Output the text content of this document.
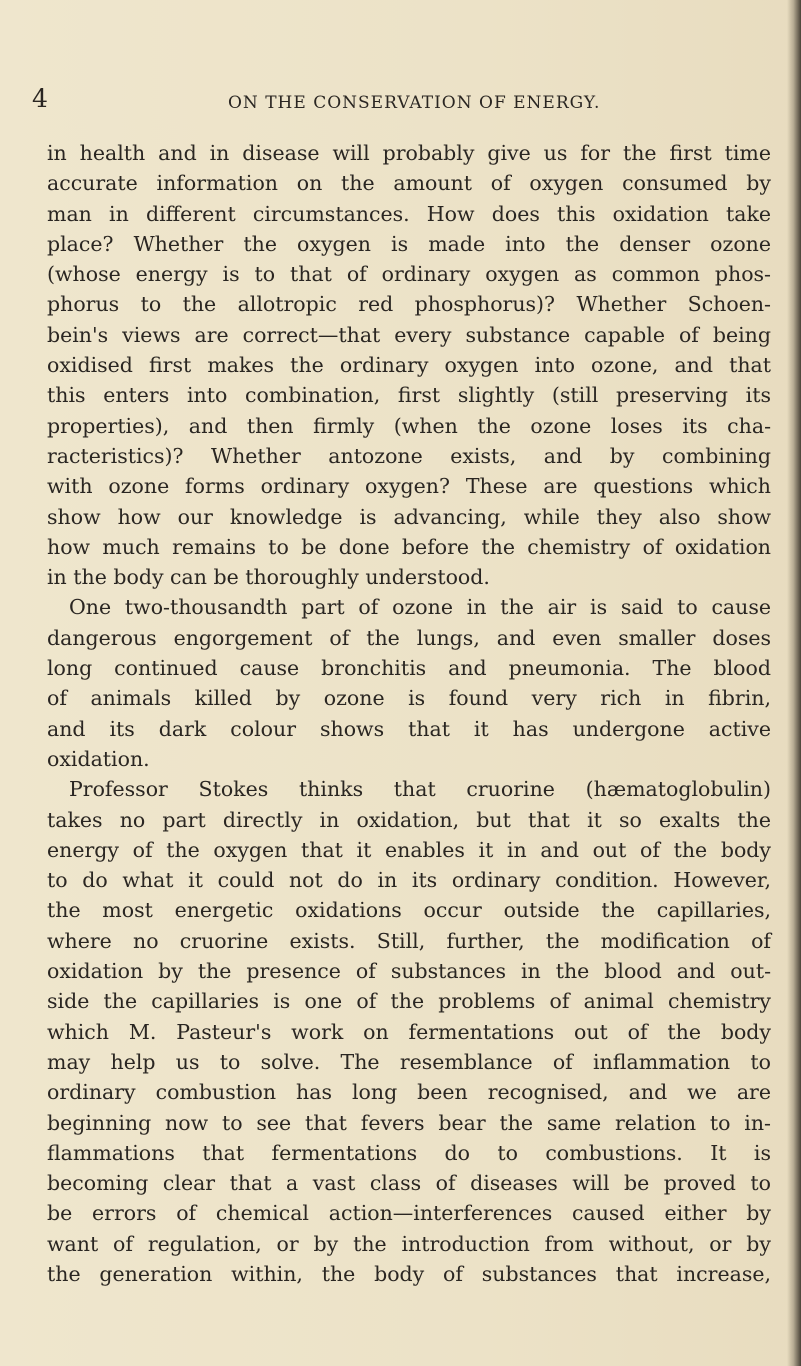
4	ON THE CONSERVATION OF ENERGY.
in health and in disease will probably give us for the first time
accurate information on the amount of oxygen consumed by
man in different circumstances. How does this oxidation take
place? Whether the oxygen is made into the denser ozone
(whose energy is to that of ordinary oxygen as common phos-
phorus to the allotropic red phosphorus)? Whether Schoen-
bein's views are correct—that every substance capable of being
oxidised first makes the ordinary oxygen into ozone, and that
this enters into combination, first slightly (still preserving its
properties), and then firmly (when the ozone loses its cha-
racteristics)? Whether antozone exists, and by combining
with ozone forms ordinary oxygen? These are questions which
show how our knowledge is advancing, while they also show
how much remains to be done before the chemistry of oxidation
in the body can be thoroughly understood.
One two-thousandth part of ozone in the air is said to cause
dangerous engorgement of the lungs, and even smaller doses
long continued cause bronchitis and pneumonia. The blood
of animals killed by ozone is found very rich in fibrin,
and its dark colour shows that it has undergone active
oxidation.
Professor Stokes thinks that cruorine (hæmatoglobulin)
takes no part directly in oxidation, but that it so exalts the
energy of the oxygen that it enables it in and out of the body
to do what it could not do in its ordinary condition. However,
the most energetic oxidations occur outside the capillaries,
where no cruorine exists. Still, further, the modification of
oxidation by the presence of substances in the blood and out-
side the capillaries is one of the problems of animal chemistry
which M. Pasteur's work on fermentations out of the body
may help us to solve. The resemblance of inflammation to
ordinary combustion has long been recognised, and we are
beginning now to see that fevers bear the same relation to in-
flammations that fermentations do to combustions. It is
becoming clear that a vast class of diseases will be proved to
be errors of chemical action—interferences caused either by
want of regulation, or by the introduction from without, or by
the generation within, the body of substances that increase,
